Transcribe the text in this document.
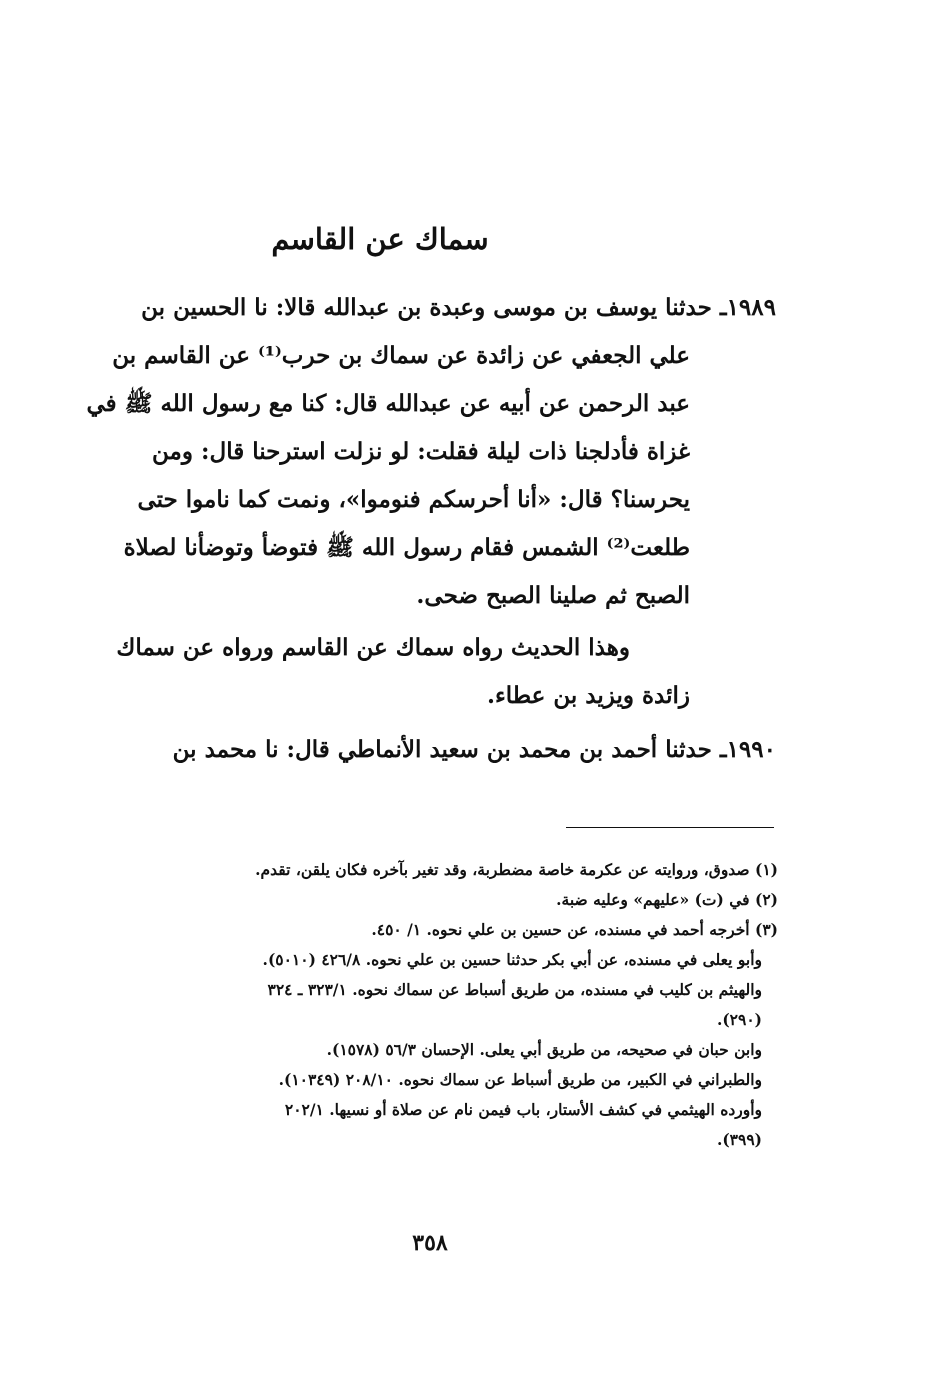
سماك عن القاسم
١٩٨٩ـ حدثنا يوسف بن موسى وعبدة بن عبدالله قالا: نا الحسين بن
علي الجعفي عن زائدة عن سماك بن حرب⁽¹⁾ عن القاسم بن
عبد الرحمن عن أبيه عن عبدالله قال: كنا مع رسول الله ﷺ في
غزاة فأدلجنا ذات ليلة فقلت: لو نزلت استرحنا قال: ومن
يحرسنا؟ قال: «أنا أحرسكم فنوموا»، ونمت كما ناموا حتى
طلعت⁽²⁾ الشمس فقام رسول الله ﷺ فتوضأ وتوضأنا لصلاة
الصبح ثم صلينا الصبح ضحى.
وهذا الحديث رواه سماك عن القاسم ورواه عن سماك
زائدة ويزيد بن عطاء.
١٩٩٠ـ حدثنا أحمد بن محمد بن سعيد الأنماطي قال: نا محمد بن
(١) صدوق، وروايته عن عكرمة خاصة مضطربة، وقد تغير بآخره فكان يلقن، تقدم.
(٢) في (ت) «عليهم» وعليه ضبة.
(٣) أخرجه أحمد في مسنده، عن حسين بن علي نحوه. ١/ ٤٥٠.
وأبو يعلى في مسنده، عن أبي بكر حدثنا حسين بن علي نحوه. ٤٢٦/٨ (٥٠١٠).
والهيثم بن كليب في مسنده، من طريق أسباط عن سماك نحوه. ٣٢٣/١ ـ ٣٢٤
(٢٩٠).
وابن حبان في صحيحه، من طريق أبي يعلى. الإحسان ٥٦/٣ (١٥٧٨).
والطبراني في الكبير، من طريق أسباط عن سماك نحوه. ٢٠٨/١٠ (١٠٣٤٩).
وأورده الهيثمي في كشف الأستار، باب فيمن نام عن صلاة أو نسيها. ٢٠٢/١
(٣٩٩).
٣٥٨
